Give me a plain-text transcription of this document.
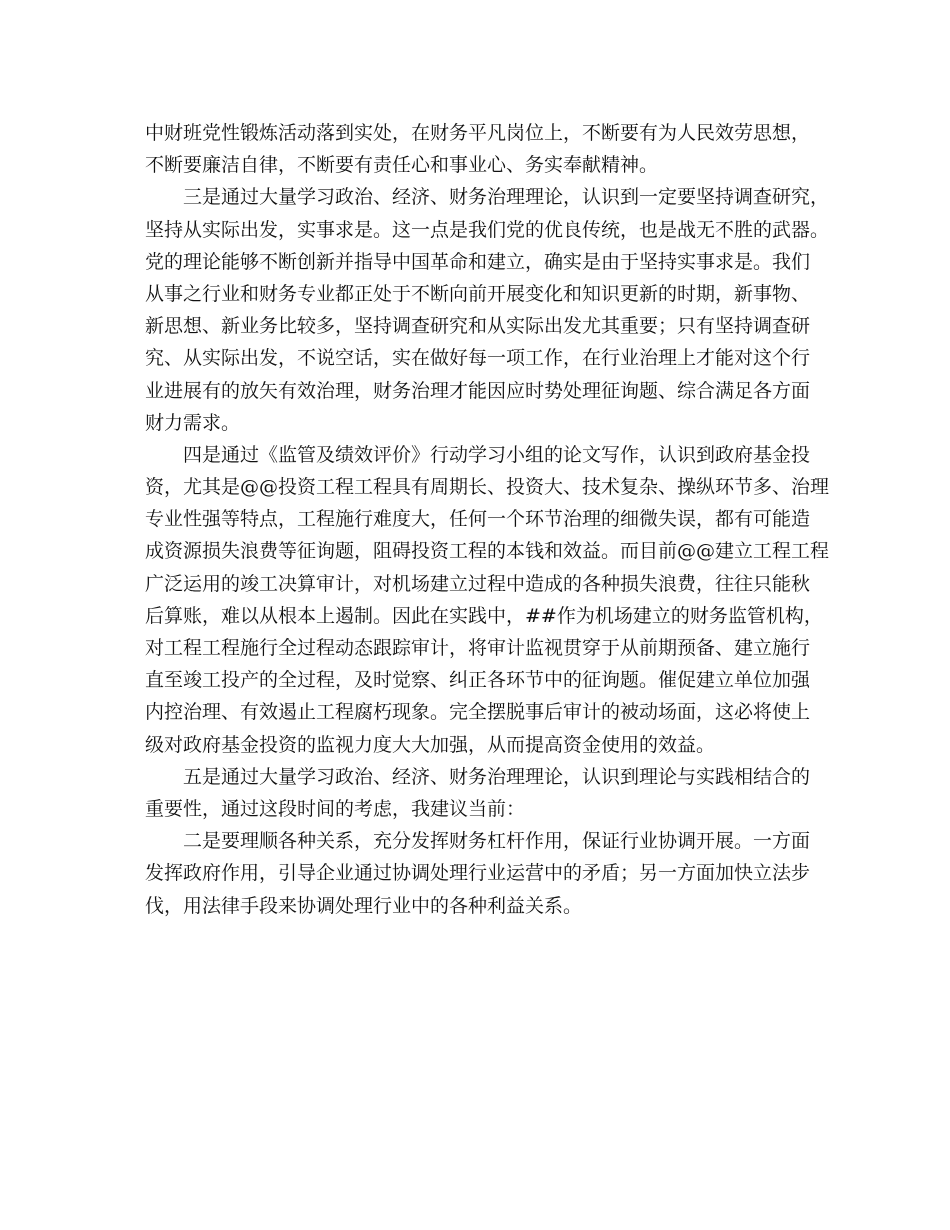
中财班党性锻炼活动落到实处，在财务平凡岗位上，不断要有为人民效劳思想，
不断要廉洁自律，不断要有责任心和事业心、务实奉献精神。
三是通过大量学习政治、经济、财务治理理论，认识到一定要坚持调查研究，
坚持从实际出发，实事求是。这一点是我们党的优良传统，也是战无不胜的武器。
党的理论能够不断创新并指导中国革命和建立，确实是由于坚持实事求是。我们
从事之行业和财务专业都正处于不断向前开展变化和知识更新的时期，新事物、
新思想、新业务比较多，坚持调查研究和从实际出发尤其重要；只有坚持调查研
究、从实际出发，不说空话，实在做好每一项工作，在行业治理上才能对这个行
业进展有的放矢有效治理，财务治理才能因应时势处理征询题、综合满足各方面
财力需求。
四是通过《监管及绩效评价》行动学习小组的论文写作，认识到政府基金投
资，尤其是@@投资工程工程具有周期长、投资大、技术复杂、操纵环节多、治理
专业性强等特点，工程施行难度大，任何一个环节治理的细微失误，都有可能造
成资源损失浪费等征询题，阻碍投资工程的本钱和效益。而目前@@建立工程工程
广泛运用的竣工决算审计，对机场建立过程中造成的各种损失浪费，往往只能秋
后算账，难以从根本上遏制。因此在实践中，##作为机场建立的财务监管机构，
对工程工程施行全过程动态跟踪审计，将审计监视贯穿于从前期预备、建立施行
直至竣工投产的全过程，及时觉察、纠正各环节中的征询题。催促建立单位加强
内控治理、有效遏止工程腐朽现象。完全摆脱事后审计的被动场面，这必将使上
级对政府基金投资的监视力度大大加强，从而提高资金使用的效益。
五是通过大量学习政治、经济、财务治理理论，认识到理论与实践相结合的
重要性，通过这段时间的考虑，我建议当前：
二是要理顺各种关系，充分发挥财务杠杆作用，保证行业协调开展。一方面
发挥政府作用，引导企业通过协调处理行业运营中的矛盾；另一方面加快立法步
伐，用法律手段来协调处理行业中的各种利益关系。
